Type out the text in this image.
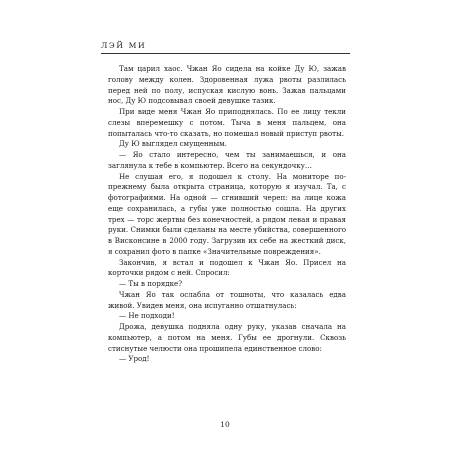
ЛЭЙ МИ

Там царил хаос. Чжан Яо сидела на койке Ду Ю, зажав голову между колен. Здоровенная лужа рвоты разлилась перед ней по полу, испуская кислую вонь. Зажав пальцами нос, Ду Ю подсовывал своей девушке тазик.

При виде меня Чжан Яо приподнялась. По ее лицу текли слезы вперемешку с потом. Тыча в меня пальцем, она попыталась что-то сказать, но помешал новый приступ рвоты.

Ду Ю выглядел смущенным.

— Яо стало интересно, чем ты занимаешься, и она заглянула к тебе в компьютер. Всего на секундочку…

Не слушая его, я подошел к столу. На мониторе по-прежнему была открыта страница, которую я изучал. Та, с фотографиями. На одной — сгнивший череп: на лице кожа еще сохранилась, а губы уже полностью сошла. На других трех — торс жертвы без конечностей, а рядом левая и правая руки. Снимки были сделаны на месте убийства, совершенного в Висконсине в 2000 году. Загрузив их себе на жесткий диск, я сохранил фото в папке «Значительные повреждения».

Закончив, я встал и подошел к Чжан Яо. Присел на корточки рядом с ней. Спросил:

— Ты в порядке?

Чжан Яо так ослабла от тошноты, что казалась едва живой. Увидев меня, она испуганно отшатнулась:

— Не подходи!

Дрожа, девушка подняла одну руку, указав сначала на компьютер, а потом на меня. Губы ее дрогнули. Сквозь стиснутые челюсти она прошипела единственное слово:

— Урод!

10
